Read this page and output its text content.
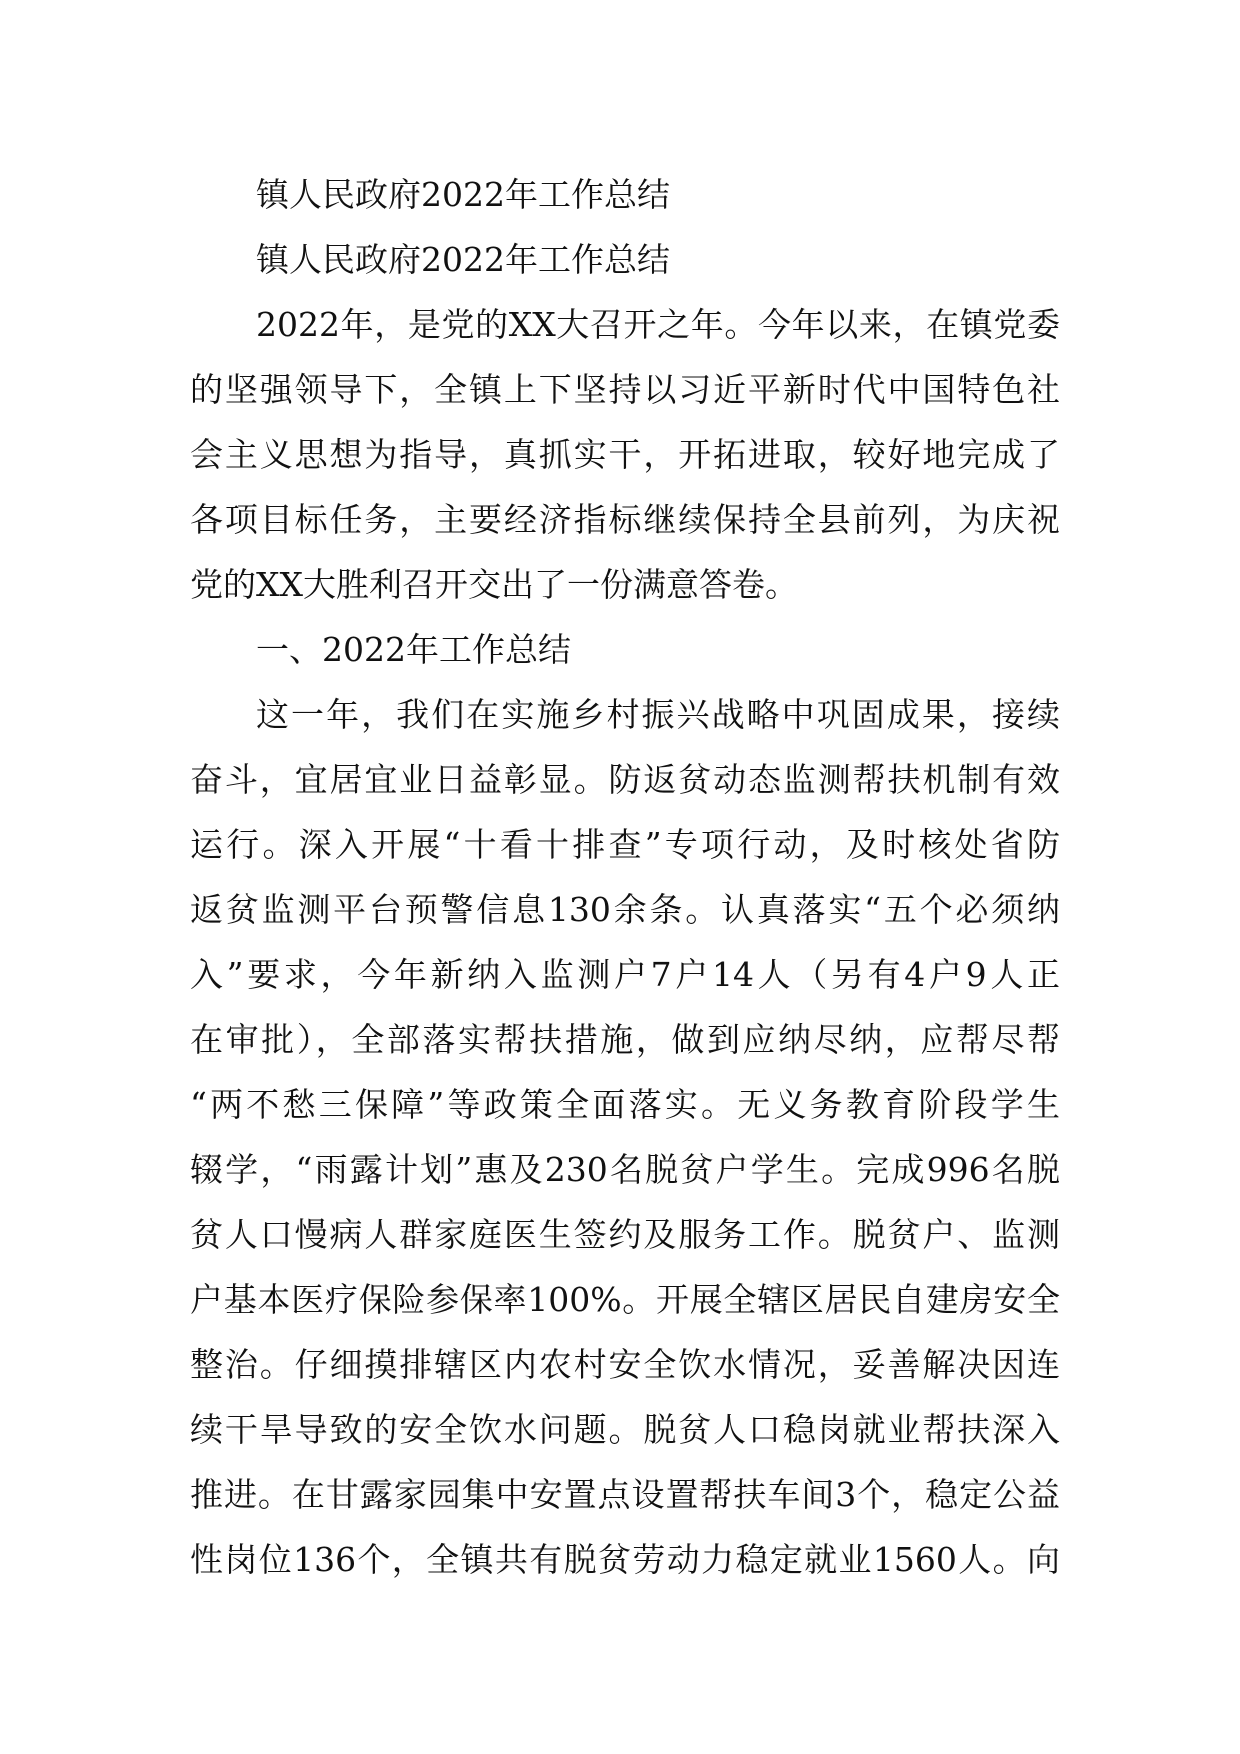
镇人民政府2022年工作总结
镇人民政府2022年工作总结
2022年，是党的XX大召开之年。今年以来，在镇党委
的坚强领导下，全镇上下坚持以习近平新时代中国特色社
会主义思想为指导，真抓实干，开拓进取，较好地完成了
各项目标任务，主要经济指标继续保持全县前列，为庆祝
党的XX大胜利召开交出了一份满意答卷。
一、2022年工作总结
这一年，我们在实施乡村振兴战略中巩固成果，接续
奋斗，宜居宜业日益彰显。防返贫动态监测帮扶机制有效
运行。深入开展“十看十排查”专项行动，及时核处省防
返贫监测平台预警信息130余条。认真落实“五个必须纳
入”要求，今年新纳入监测户7户14人（另有4户9人正
在审批），全部落实帮扶措施，做到应纳尽纳，应帮尽帮
“两不愁三保障”等政策全面落实。无义务教育阶段学生
辍学，“雨露计划”惠及230名脱贫户学生。完成996名脱
贫人口慢病人群家庭医生签约及服务工作。脱贫户、监测
户基本医疗保险参保率100%。开展全辖区居民自建房安全
整治。仔细摸排辖区内农村安全饮水情况，妥善解决因连
续干旱导致的安全饮水问题。脱贫人口稳岗就业帮扶深入
推进。在甘露家园集中安置点设置帮扶车间3个，稳定公益
性岗位136个，全镇共有脱贫劳动力稳定就业1560人。向
